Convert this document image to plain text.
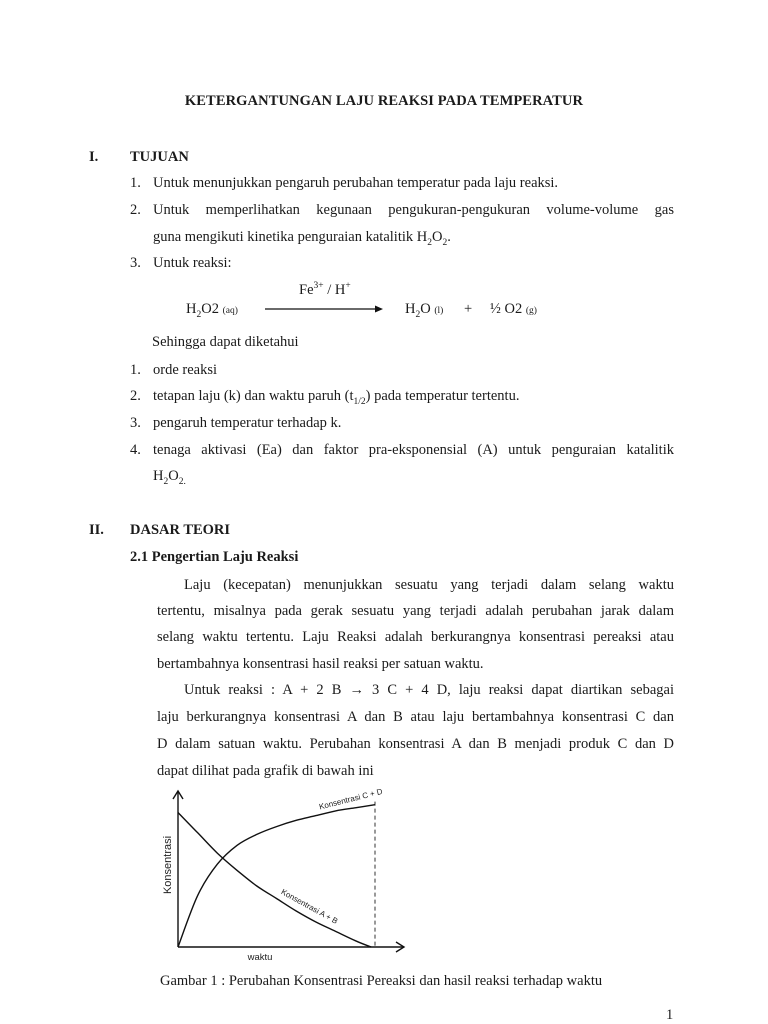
KETERGANTUNGAN LAJU REAKSI PADA TEMPERATUR
I. TUJUAN
1. Untuk menunjukkan pengaruh perubahan temperatur pada laju reaksi.
2. Untuk memperlihatkan kegunaan pengukuran-pengukuran volume-volume gas
guna mengikuti kinetika penguraian katalitik $H_2O_2$.
3. Untuk reaksi:
$Fe^{3+} / H^+$
$H_2O2$ (aq)	$H_2O$ (l) + ½ O2 (g)
Sehingga dapat diketahui
1. orde reaksi
2. tetapan laju (k) dan waktu paruh $(t_{1/2})$ pada temperatur tertentu.
3. pengaruh temperatur terhadap k.
4. tenaga aktivasi (Ea) dan faktor pra-eksponensial (A) untuk penguraian katalitik
$H_2O_{2.}$
II. DASAR TEORI
2.1 Pengertian Laju Reaksi
Laju (kecepatan) menunjukkan sesuatu yang terjadi dalam selang waktu
tertentu, misalnya pada gerak sesuatu yang terjadi adalah perubahan jarak dalam
selang waktu tertentu. Laju Reaksi adalah berkurangnya konsentrasi pereaksi atau
bertambahnya konsentrasi hasil reaksi per satuan waktu.
Untuk reaksi : A + 2 B → 3 C + 4 D, laju reaksi dapat diartikan sebagai
laju berkurangnya konsentrasi A dan B atau laju bertambahnya konsentrasi C dan
D dalam satuan waktu. Perubahan konsentrasi A dan B menjadi produk C dan D
dapat dilihat pada grafik di bawah ini
Konsentrasi C + D
Konsentrasi A + B
Konsentrasi
waktu
Gambar 1 : Perubahan Konsentrasi Pereaksi dan hasil reaksi terhadap waktu
1
